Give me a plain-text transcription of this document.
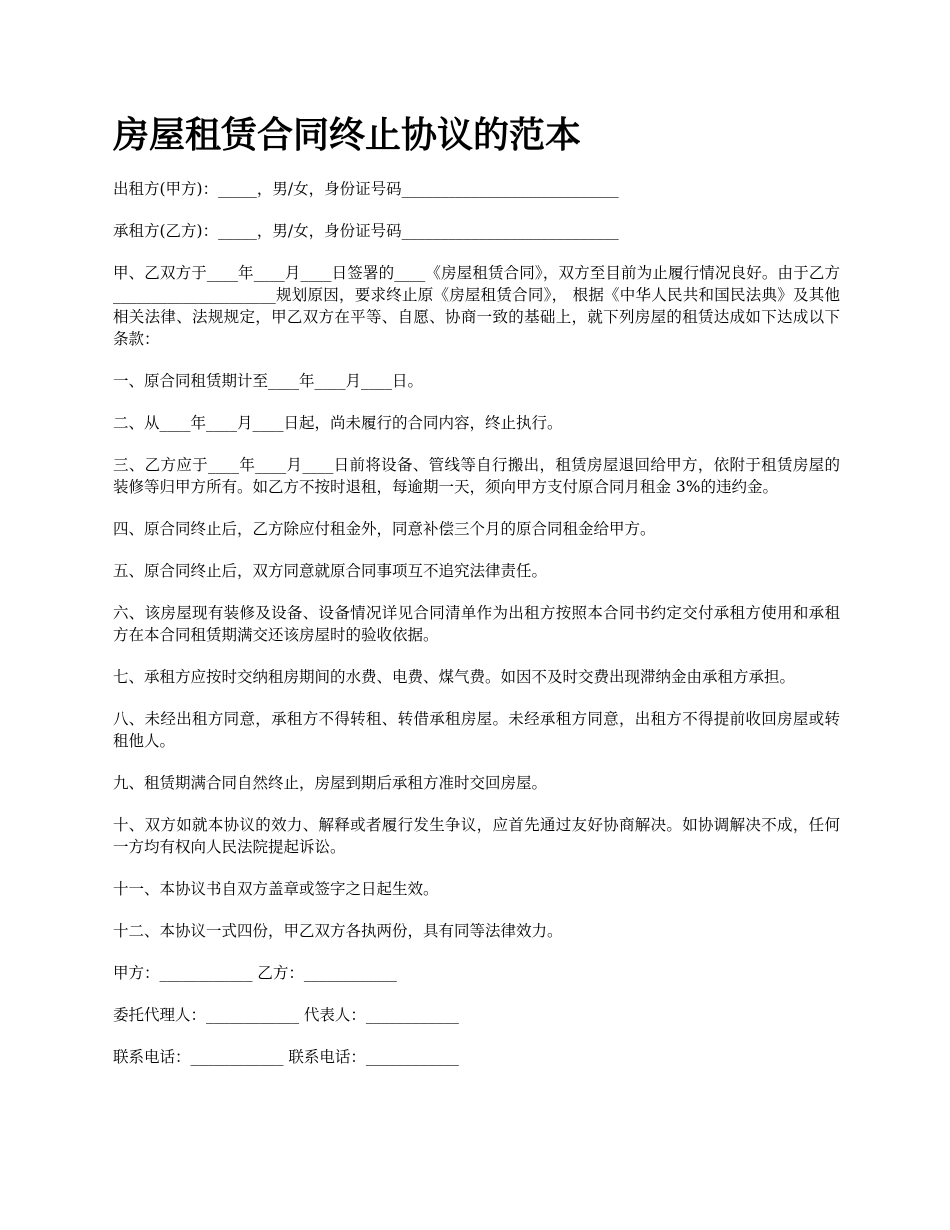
房屋租赁合同终止协议的范本

出租方(甲方)：_____，男/女，身份证号码____________________________

承租方(乙方)：_____，男/女，身份证号码____________________________

甲、乙双方于____年____月____日签署的____《房屋租赁合同》，双方至目前为止履行情况良好。由于乙方_____________________规划原因，要求终止原《房屋租赁合同》， 根据《中华人民共和国民法典》及其他相关法律、法规规定，甲乙双方在平等、自愿、协商一致的基础上，就下列房屋的租赁达成如下达成以下条款：

一、原合同租赁期计至____年____月____日。

二、从____年____月____日起，尚未履行的合同内容，终止执行。

三、乙方应于____年____月____日前将设备、管线等自行搬出，租赁房屋退回给甲方，依附于租赁房屋的装修等归甲方所有。如乙方不按时退租，每逾期一天，须向甲方支付原合同月租金 3%的违约金。

四、原合同终止后，乙方除应付租金外，同意补偿三个月的原合同租金给甲方。

五、原合同终止后，双方同意就原合同事项互不追究法律责任。

六、该房屋现有装修及设备、设备情况详见合同清单作为出租方按照本合同书约定交付承租方使用和承租方在本合同租赁期满交还该房屋时的验收依据。

七、承租方应按时交纳租房期间的水费、电费、煤气费。如因不及时交费出现滞纳金由承租方承担。

八、未经出租方同意，承租方不得转租、转借承租房屋。未经承租方同意，出租方不得提前收回房屋或转租他人。

九、租赁期满合同自然终止，房屋到期后承租方准时交回房屋。

十、双方如就本协议的效力、解释或者履行发生争议，应首先通过友好协商解决。如协调解决不成，任何一方均有权向人民法院提起诉讼。

十一、本协议书自双方盖章或签字之日起生效。

十二、本协议一式四份，甲乙双方各执两份，具有同等法律效力。

甲方：____________ 乙方：____________

委托代理人：____________ 代表人：____________

联系电话：____________ 联系电话：____________
